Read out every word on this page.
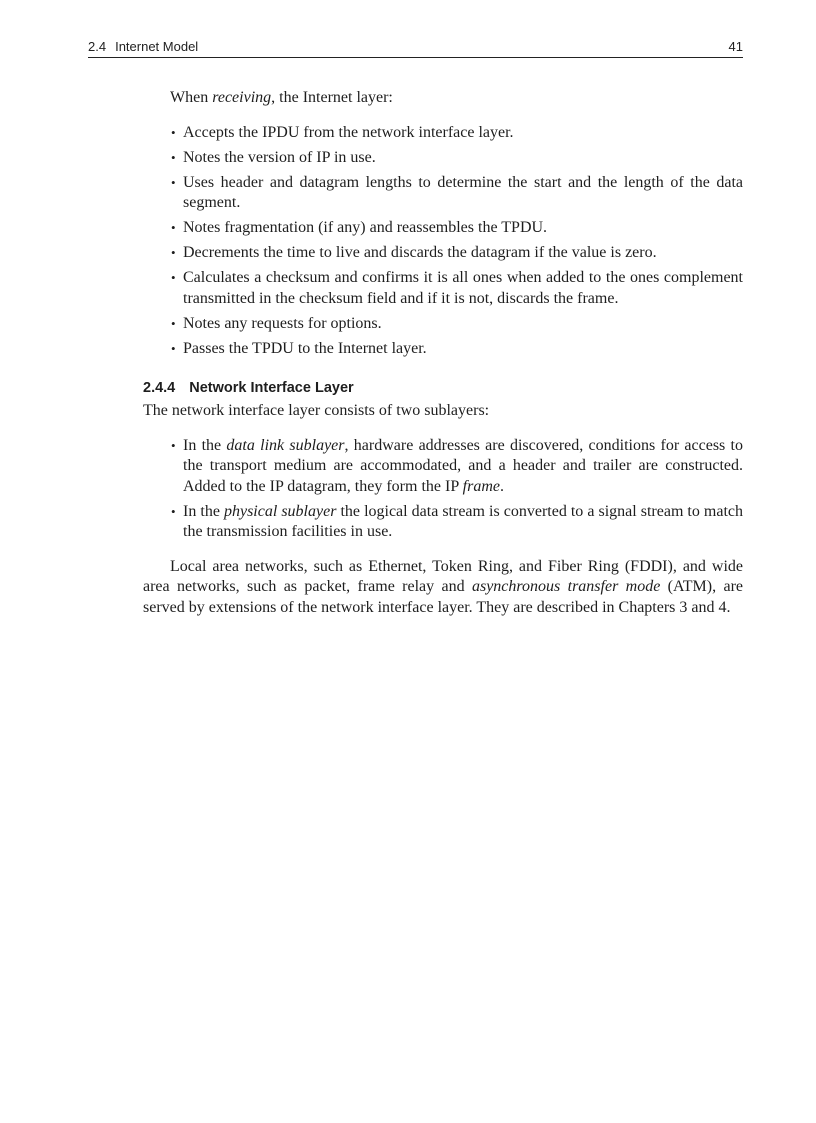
2.4 Internet Model	41

When receiving, the Internet layer:

• Accepts the IPDU from the network interface layer.
• Notes the version of IP in use.
• Uses header and datagram lengths to determine the start and the length of the data segment.
• Notes fragmentation (if any) and reassembles the TPDU.
• Decrements the time to live and discards the datagram if the value is zero.
• Calculates a checksum and confirms it is all ones when added to the ones complement transmitted in the checksum field and if it is not, discards the frame.
• Notes any requests for options.
• Passes the TPDU to the Internet layer.
2.4.4 Network Interface Layer

The network interface layer consists of two sublayers:

• In the data link sublayer, hardware addresses are discovered, conditions for access to the transport medium are accommodated, and a header and trailer are constructed. Added to the IP datagram, they form the IP frame.
• In the physical sublayer the logical data stream is converted to a signal stream to match the transmission facilities in use.

Local area networks, such as Ethernet, Token Ring, and Fiber Ring (FDDI), and wide area networks, such as packet, frame relay and asynchronous transfer mode (ATM), are served by extensions of the network interface layer. They are described in Chapters 3 and 4.
